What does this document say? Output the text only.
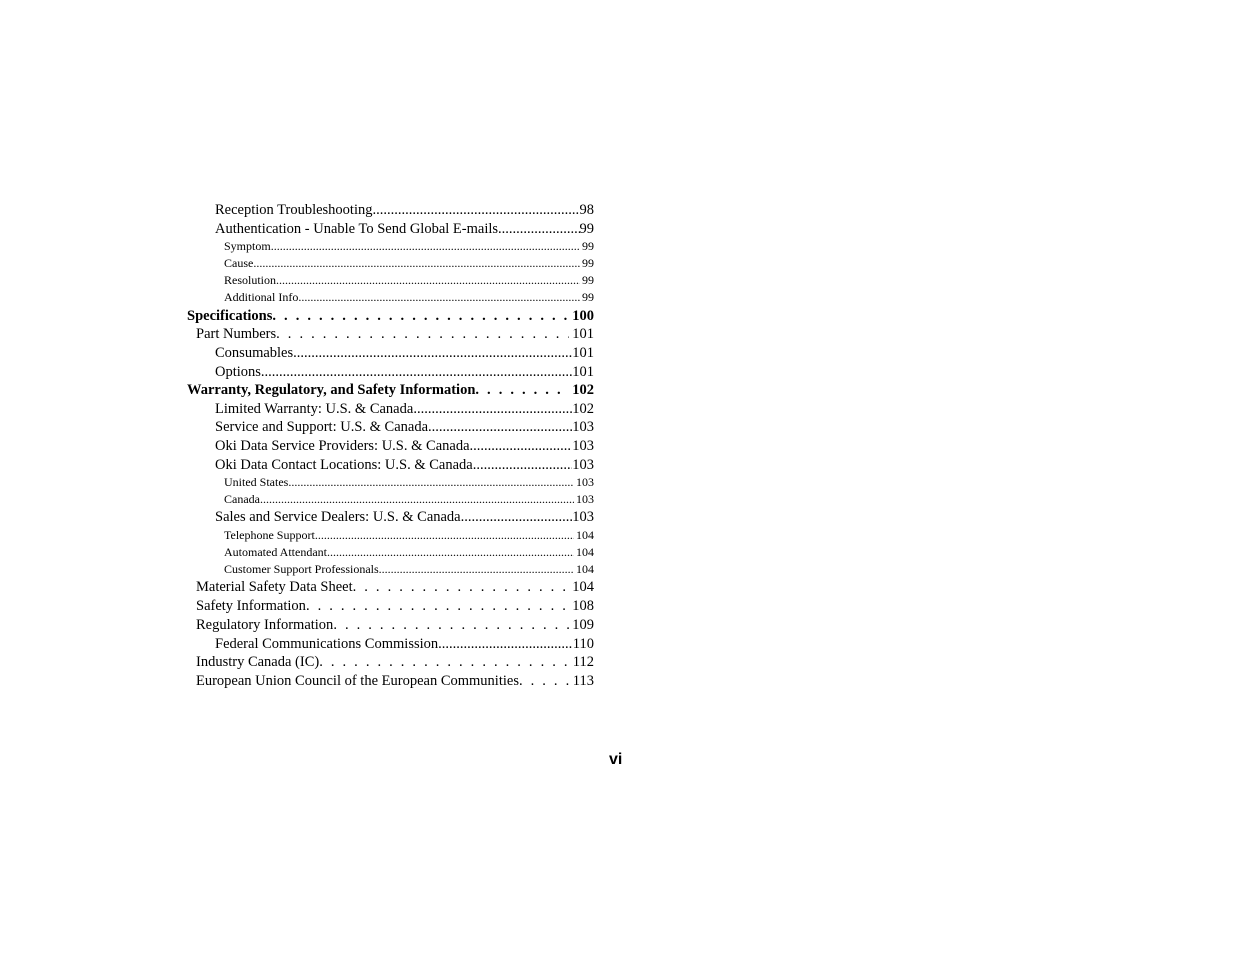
Reception Troubleshooting .....	98
Authentication - Unable To Send Global E-mails .....	99
Symptom .....	99
Cause .....	99
Resolution .....	99
Additional Info .....	99
Specifications . . .	100
Part Numbers . . .	101
Consumables .....	101
Options .....	101
Warranty, Regulatory, and Safety Information . . .	102
Limited Warranty: U.S. & Canada .....	102
Service and Support: U.S. & Canada .....	103
Oki Data Service Providers: U.S. & Canada .....	103
Oki Data Contact Locations: U.S. & Canada .....	103
United States .....	103
Canada .....	103
Sales and Service Dealers: U.S. & Canada .....	103
Telephone Support .....	104
Automated Attendant .....	104
Customer Support Professionals .....	104
Material Safety Data Sheet . . .	104
Safety Information . . .	108
Regulatory Information . . .	109
Federal Communications Commission .....	110
Industry Canada (IC) . . .	112
European Union Council of the European Communities . . .	113
vi
